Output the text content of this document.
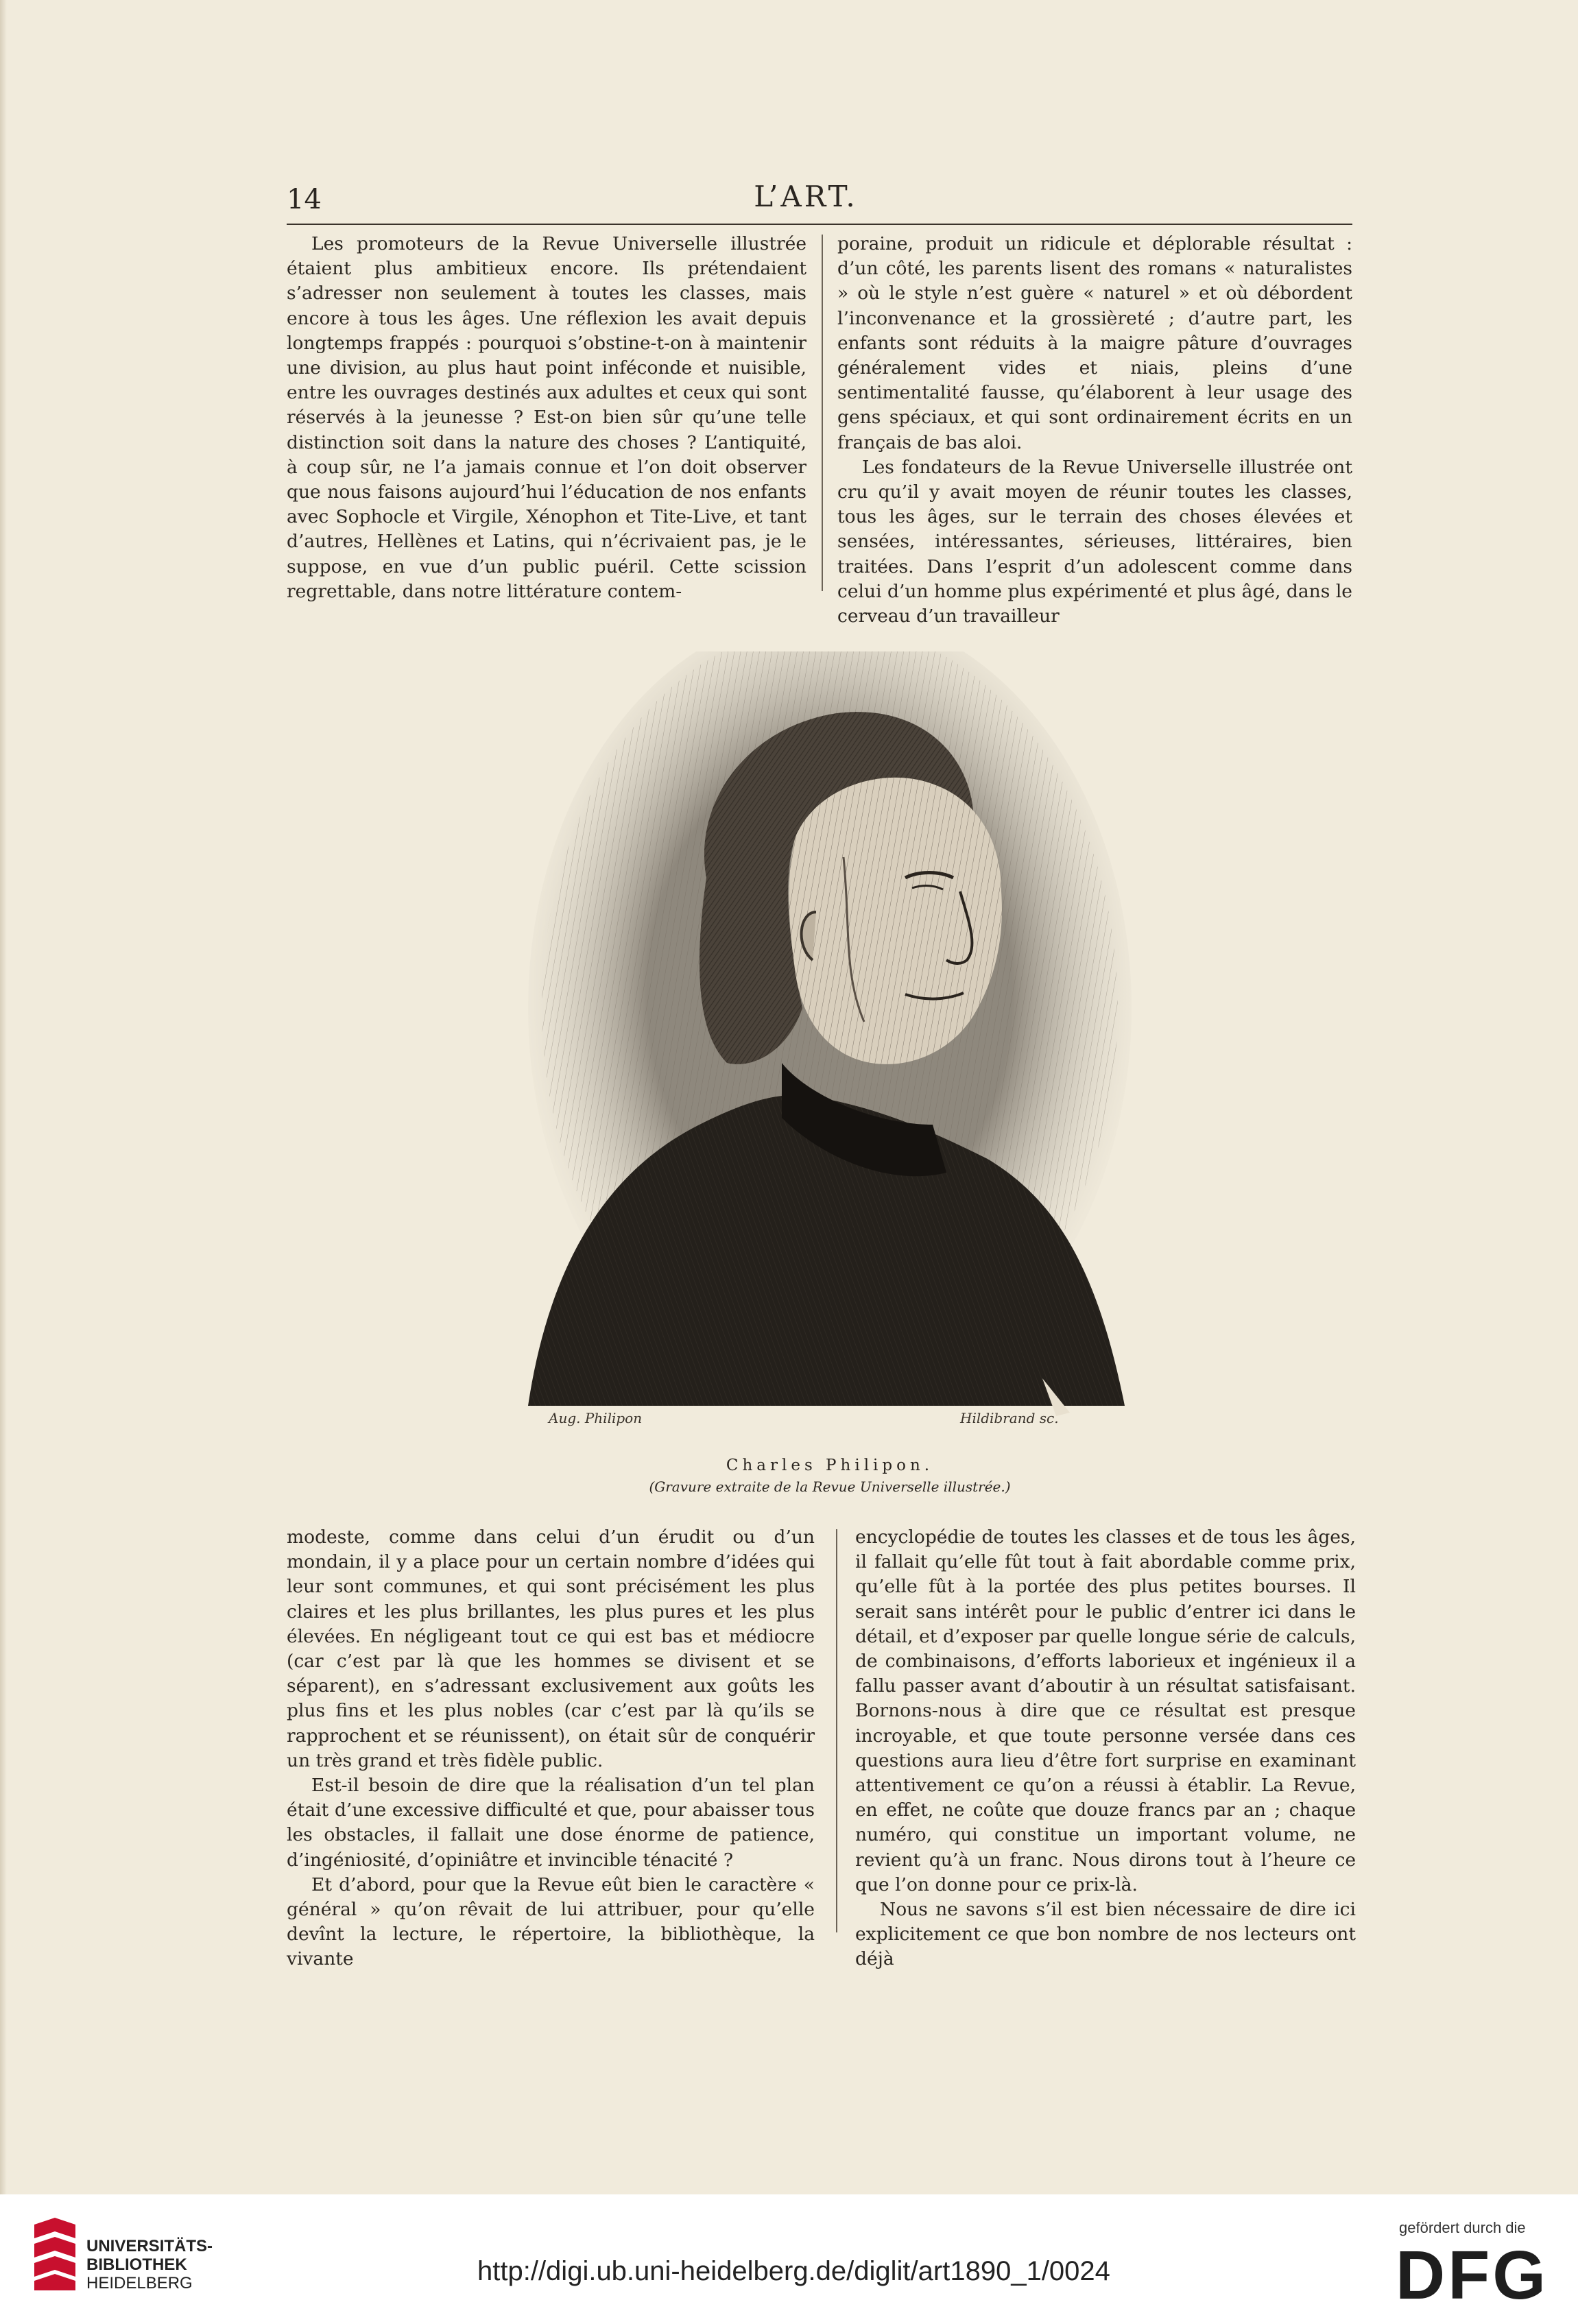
14	L’ART.

Les promoteurs de la Revue Universelle illustrée étaient plus ambitieux encore. Ils prétendaient s’adresser non seulement à toutes les classes, mais encore à tous les âges. Une réflexion les avait depuis longtemps frappés : pourquoi s’obstine-t-on à maintenir une division, au plus haut point inféconde et nuisible, entre les ouvrages destinés aux adultes et ceux qui sont réservés à la jeunesse ? Est-on bien sûr qu’une telle distinction soit dans la nature des choses ? L’antiquité, à coup sûr, ne l’a jamais connue et l’on doit observer que nous faisons aujourd’hui l’éducation de nos enfants avec Sophocle et Virgile, Xénophon et Tite-Live, et tant d’autres, Hellènes et Latins, qui n’écrivaient pas, je le suppose, en vue d’un public puéril. Cette scission regrettable, dans notre littérature contem-

poraine, produit un ridicule et déplorable résultat : d’un côté, les parents lisent des romans « naturalistes » où le style n’est guère « naturel » et où débordent l’inconvenance et la grossièreté ; d’autre part, les enfants sont réduits à la maigre pâture d’ouvrages généralement vides et niais, pleins d’une sentimentalité fausse, qu’élaborent à leur usage des gens spéciaux, et qui sont ordinairement écrits en un français de bas aloi.

Les fondateurs de la Revue Universelle illustrée ont cru qu’il y avait moyen de réunir toutes les classes, tous les âges, sur le terrain des choses élevées et sensées, intéressantes, sérieuses, littéraires, bien traitées. Dans l’esprit d’un adolescent comme dans celui d’un homme plus expérimenté et plus âgé, dans le cerveau d’un travailleur

Aug. Philipon	Hildibrand sc.
Charles Philipon.
(Gravure extraite de la Revue Universelle illustrée.)

modeste, comme dans celui d’un érudit ou d’un mondain, il y a place pour un certain nombre d’idées qui leur sont communes, et qui sont précisément les plus claires et les plus brillantes, les plus pures et les plus élevées. En négligeant tout ce qui est bas et médiocre (car c’est par là que les hommes se divisent et se séparent), en s’adressant exclusivement aux goûts les plus fins et les plus nobles (car c’est par là qu’ils se rapprochent et se réunissent), on était sûr de conquérir un très grand et très fidèle public.

Est-il besoin de dire que la réalisation d’un tel plan était d’une excessive difficulté et que, pour abaisser tous les obstacles, il fallait une dose énorme de patience, d’ingéniosité, d’opiniâtre et invincible ténacité ?

Et d’abord, pour que la Revue eût bien le caractère « général » qu’on rêvait de lui attribuer, pour qu’elle devînt la lecture, le répertoire, la bibliothèque, la vivante

encyclopédie de toutes les classes et de tous les âges, il fallait qu’elle fût tout à fait abordable comme prix, qu’elle fût à la portée des plus petites bourses. Il serait sans intérêt pour le public d’entrer ici dans le détail, et d’exposer par quelle longue série de calculs, de combinaisons, d’efforts laborieux et ingénieux il a fallu passer avant d’aboutir à un résultat satisfaisant. Bornons-nous à dire que ce résultat est presque incroyable, et que toute personne versée dans ces questions aura lieu d’être fort surprise en examinant attentivement ce qu’on a réussi à établir. La Revue, en effet, ne coûte que douze francs par an ; chaque numéro, qui constitue un important volume, ne revient qu’à un franc. Nous dirons tout à l’heure ce que l’on donne pour ce prix-là.

Nous ne savons s’il est bien nécessaire de dire ici explicitement ce que bon nombre de nos lecteurs ont déjà

UNIVERSITÄTS-
BIBLIOTHEK
HEIDELBERG	http://digi.ub.uni-heidelberg.de/diglit/art1890_1/0024
gefördert durch die
DFG
